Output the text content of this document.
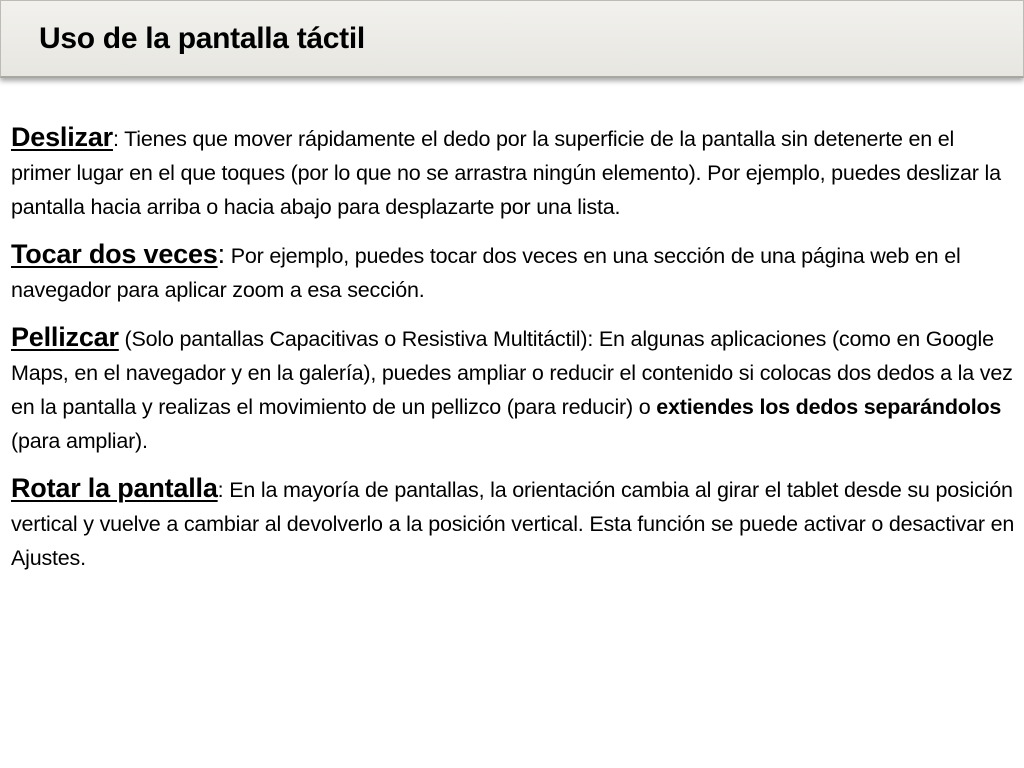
Uso de la pantalla táctil

Deslizar: Tienes que mover rápidamente el dedo por la superficie de la pantalla sin detenerte en el primer lugar en el que toques (por lo que no se arrastra ningún elemento). Por ejemplo, puedes deslizar la pantalla hacia arriba o hacia abajo para desplazarte por una lista.

Tocar dos veces: Por ejemplo, puedes tocar dos veces en una sección de una página web en el navegador para aplicar zoom a esa sección.

Pellizcar (Solo pantallas Capacitivas o Resistiva Multitáctil): En algunas aplicaciones (como en Google Maps, en el navegador y en la galería), puedes ampliar o reducir el contenido si colocas dos dedos a la vez en la pantalla y realizas el movimiento de un pellizco (para reducir) o extiendes los dedos separándolos (para ampliar).

Rotar la pantalla: En la mayoría de pantallas, la orientación cambia al girar el tablet desde su posición vertical y vuelve a cambiar al devolverlo a la posición vertical. Esta función se puede activar o desactivar en Ajustes.
